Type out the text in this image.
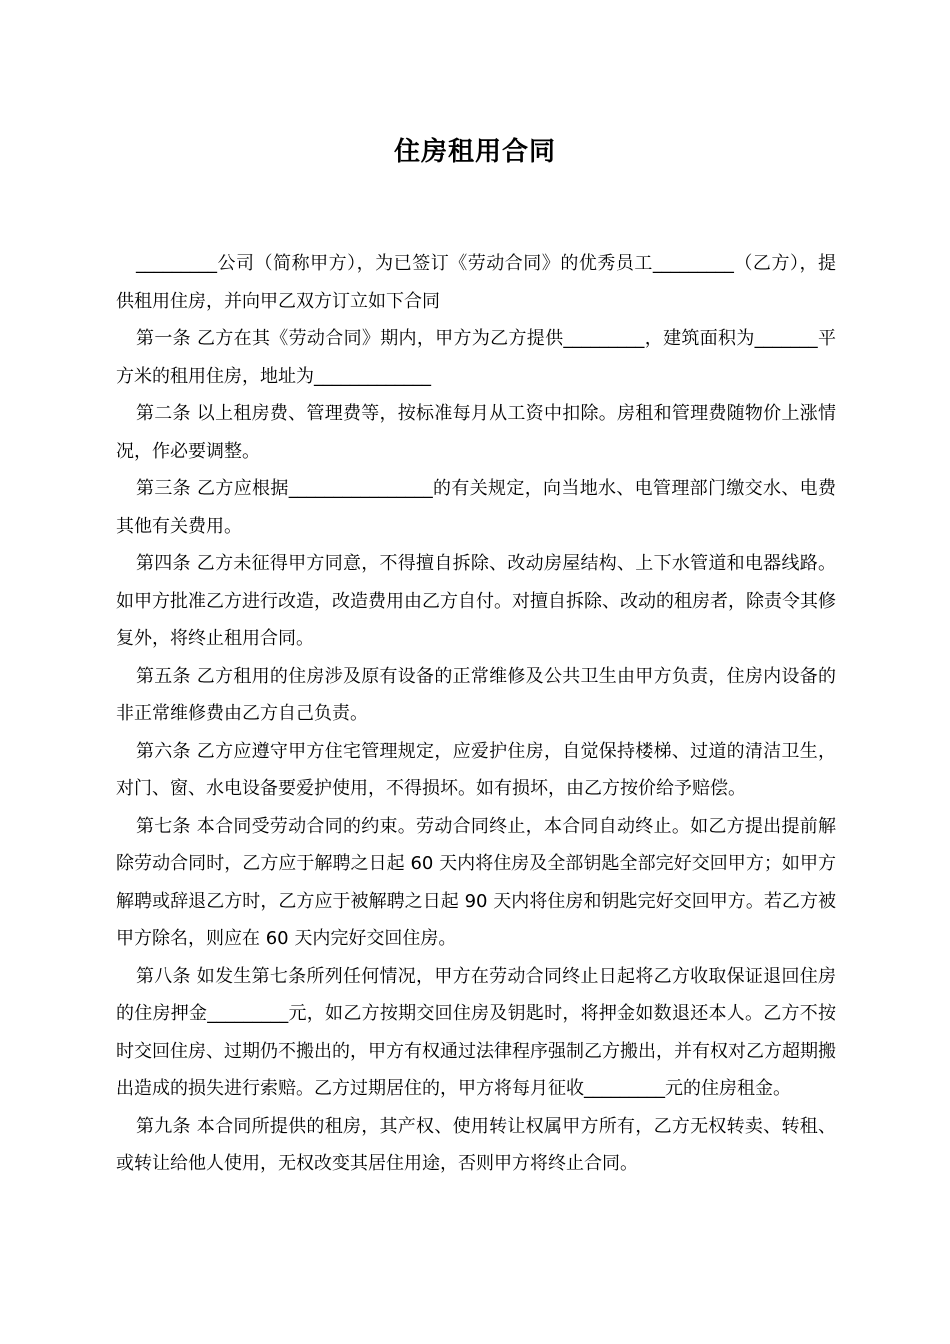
住房租用合同

_________公司（简称甲方），为已签订《劳动合同》的优秀员工_________（乙方），提供租用住房，并向甲乙双方订立如下合同

第一条 乙方在其《劳动合同》期内，甲方为乙方提供_________，建筑面积为_______平方米的租用住房，地址为_____________

第二条 以上租房费、管理费等，按标准每月从工资中扣除。房租和管理费随物价上涨情况，作必要调整。

第三条 乙方应根据________________的有关规定，向当地水、电管理部门缴交水、电费其他有关费用。

第四条 乙方未征得甲方同意，不得擅自拆除、改动房屋结构、上下水管道和电器线路。如甲方批准乙方进行改造，改造费用由乙方自付。对擅自拆除、改动的租房者，除责令其修复外，将终止租用合同。

第五条 乙方租用的住房涉及原有设备的正常维修及公共卫生由甲方负责，住房内设备的非正常维修费由乙方自己负责。

第六条 乙方应遵守甲方住宅管理规定，应爱护住房，自觉保持楼梯、过道的清洁卫生，对门、窗、水电设备要爱护使用，不得损坏。如有损坏，由乙方按价给予赔偿。

第七条 本合同受劳动合同的约束。劳动合同终止，本合同自动终止。如乙方提出提前解除劳动合同时，乙方应于解聘之日起 60 天内将住房及全部钥匙全部完好交回甲方；如甲方解聘或辞退乙方时，乙方应于被解聘之日起 90 天内将住房和钥匙完好交回甲方。若乙方被甲方除名，则应在 60 天内完好交回住房。

第八条 如发生第七条所列任何情况，甲方在劳动合同终止日起将乙方收取保证退回住房的住房押金_________元，如乙方按期交回住房及钥匙时，将押金如数退还本人。乙方不按时交回住房、过期仍不搬出的，甲方有权通过法律程序强制乙方搬出，并有权对乙方超期搬出造成的损失进行索赔。乙方过期居住的，甲方将每月征收_________元的住房租金。

第九条 本合同所提供的租房，其产权、使用转让权属甲方所有，乙方无权转卖、转租、或转让给他人使用，无权改变其居住用途，否则甲方将终止合同。
